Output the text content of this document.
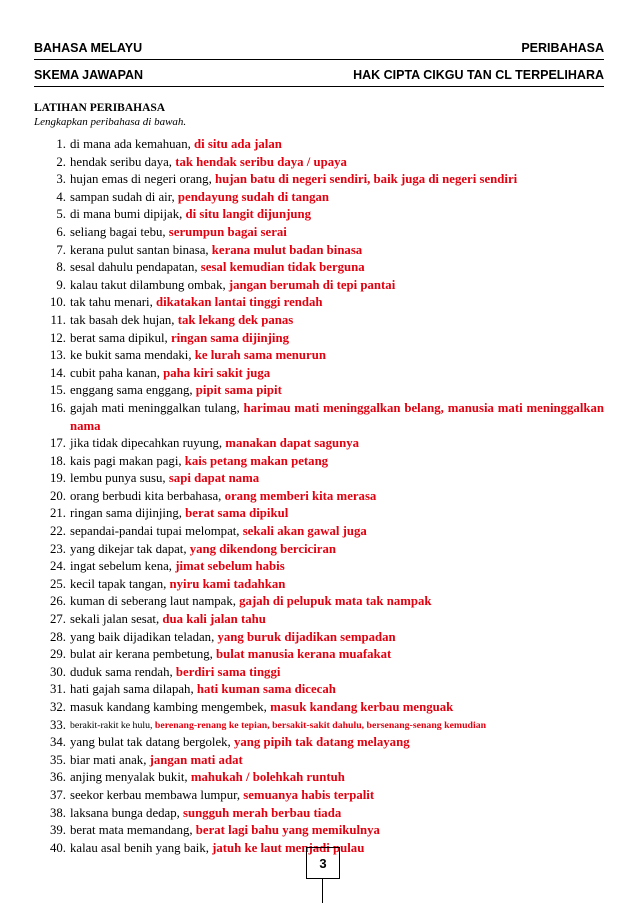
BAHASA MELAYU	PERIBAHASA
SKEMA JAWAPAN	HAK CIPTA CIKGU TAN CL TERPELIHARA
LATIHAN PERIBAHASA
Lengkapkan peribahasa di bawah.
1. di mana ada kemahuan, di situ ada jalan
2. hendak seribu daya, tak hendak seribu daya / upaya
3. hujan emas di negeri orang, hujan batu di negeri sendiri, baik juga di negeri sendiri
4. sampan sudah di air, pendayung sudah di tangan
5. di mana bumi dipijak, di situ langit dijunjung
6. seliang bagai tebu, serumpun bagai serai
7. kerana pulut santan binasa, kerana mulut badan binasa
8. sesal dahulu pendapatan, sesal kemudian tidak berguna
9. kalau takut dilambung ombak, jangan berumah di tepi pantai
10. tak tahu menari, dikatakan lantai tinggi rendah
11. tak basah dek hujan, tak lekang dek panas
12. berat sama dipikul, ringan sama dijinjing
13. ke bukit sama mendaki, ke lurah sama menurun
14. cubit paha kanan, paha kiri sakit juga
15. enggang sama enggang, pipit sama pipit
16. gajah mati meninggalkan tulang, harimau mati meninggalkan belang, manusia mati meninggalkan nama
17. jika tidak dipecahkan ruyung, manakan dapat sagunya
18. kais pagi makan pagi, kais petang makan petang
19. lembu punya susu, sapi dapat nama
20. orang berbudi kita berbahasa, orang memberi kita merasa
21. ringan sama dijinjing, berat sama dipikul
22. sepandai-pandai tupai melompat, sekali akan gawal juga
23. yang dikejar tak dapat, yang dikendong berciciran
24. ingat sebelum kena, jimat sebelum habis
25. kecil tapak tangan, nyiru kami tadahkan
26. kuman di seberang laut nampak, gajah di pelupuk mata tak nampak
27. sekali jalan sesat, dua kali jalan tahu
28. yang baik dijadikan teladan, yang buruk dijadikan sempadan
29. bulat air kerana pembetung, bulat manusia kerana muafakat
30. duduk sama rendah, berdiri sama tinggi
31. hati gajah sama dilapah, hati kuman sama dicecah
32. masuk kandang kambing mengembek, masuk kandang kerbau menguak
33. berakit-rakit ke hulu, berenang-renang ke tepian, bersakit-sakit dahulu, bersenang-senang kemudian
34. yang bulat tak datang bergolek, yang pipih tak datang melayang
35. biar mati anak, jangan mati adat
36. anjing menyalak bukit, mahukah / bolehkah runtuh
37. seekor kerbau membawa lumpur, semuanya habis terpalit
38. laksana bunga dedap, sungguh merah berbau tiada
39. berat mata memandang, berat lagi bahu yang memikulnya
40. kalau asal benih yang baik, jatuh ke laut menjadi pulau
3
